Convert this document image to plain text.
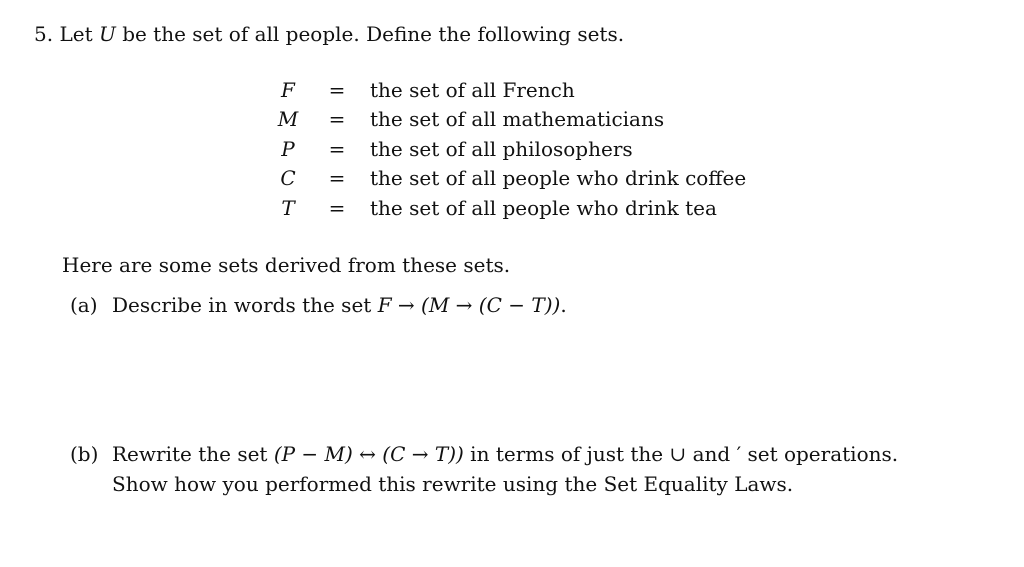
5. Let U be the set of all people. Define the following sets.
F = the set of all French
M = the set of all mathematicians
P = the set of all philosophers
C = the set of all people who drink coffee
T = the set of all people who drink tea
Here are some sets derived from these sets.
(a) Describe in words the set F → (M → (C − T)).
(b) Rewrite the set (P − M) ↔ (C → T)) in terms of just the ∪ and ′ set operations.
Show how you performed this rewrite using the Set Equality Laws.
